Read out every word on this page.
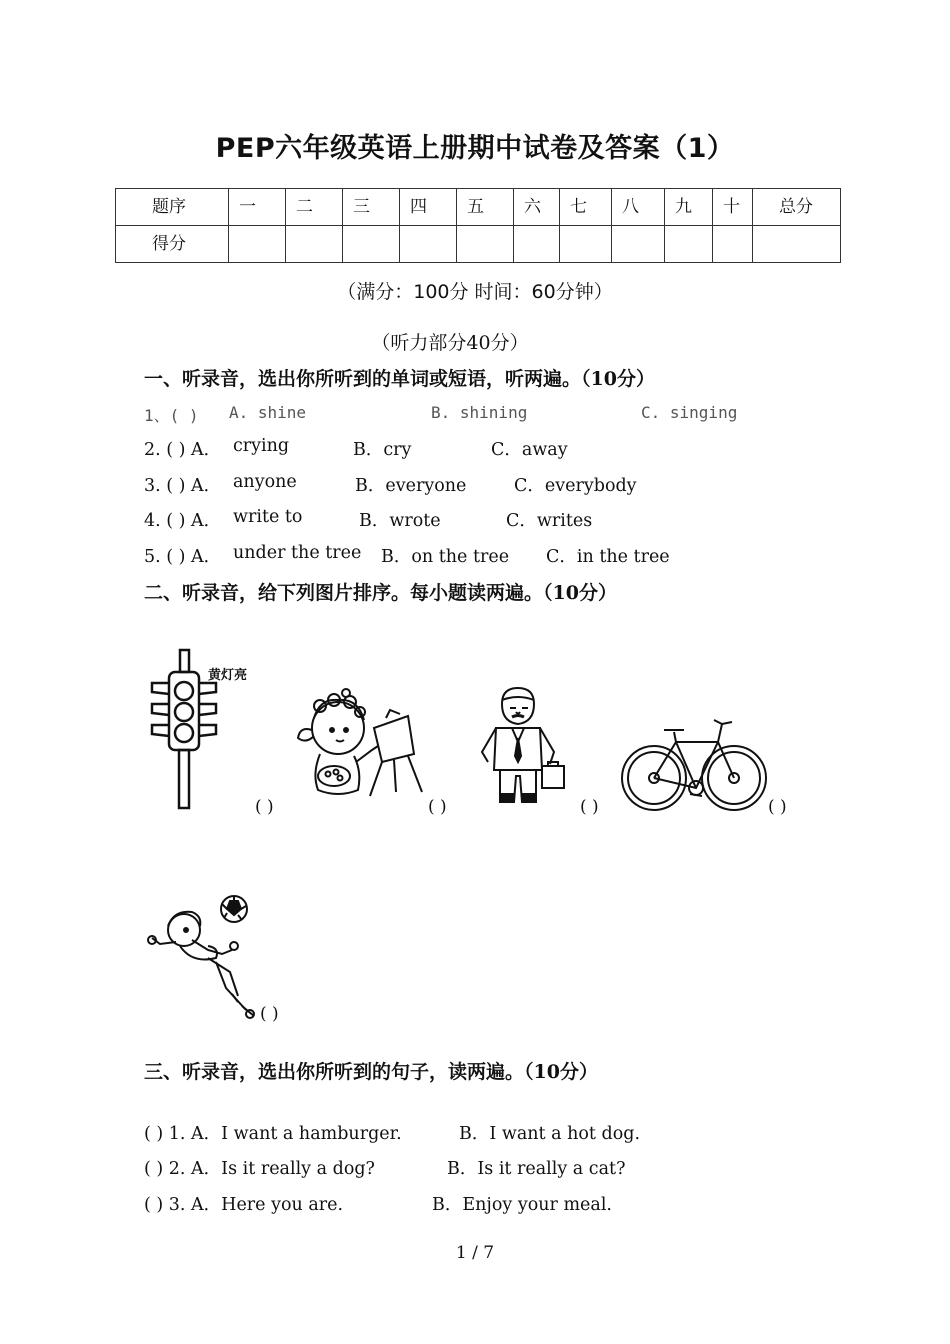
PEP六年级英语上册期中试卷及答案（1）
题序	一	二	三	四	五	六	七	八	九	十	总分

得分											

（满分：100分 时间：60分钟）
（听力部分40分）
一、听录音，选出你所听到的单词或短语，听两遍。（10分）
1、( ) A. shine	B. shining	C. singing
2. ( ) A． crying	B．cry	C．away
3. ( ) A． anyone	B．everyone	C．everybody
4. ( ) A． write to	B．wrote	C．writes
5. ( ) A． under the tree B．on the tree C．in the tree
二、听录音，给下列图片排序。每小题读两遍。（10分）
黄灯亮
( )	( )	( )	( )
( )
三、听录音，选出你所听到的句子，读两遍。（10分）
( ) 1. A．I want a hamburger.	B．I want a hot dog.
( ) 2. A．Is it really a dog?	B．Is it really a cat?
( ) 3. A．Here you are.	B．Enjoy your meal.
1 / 7
